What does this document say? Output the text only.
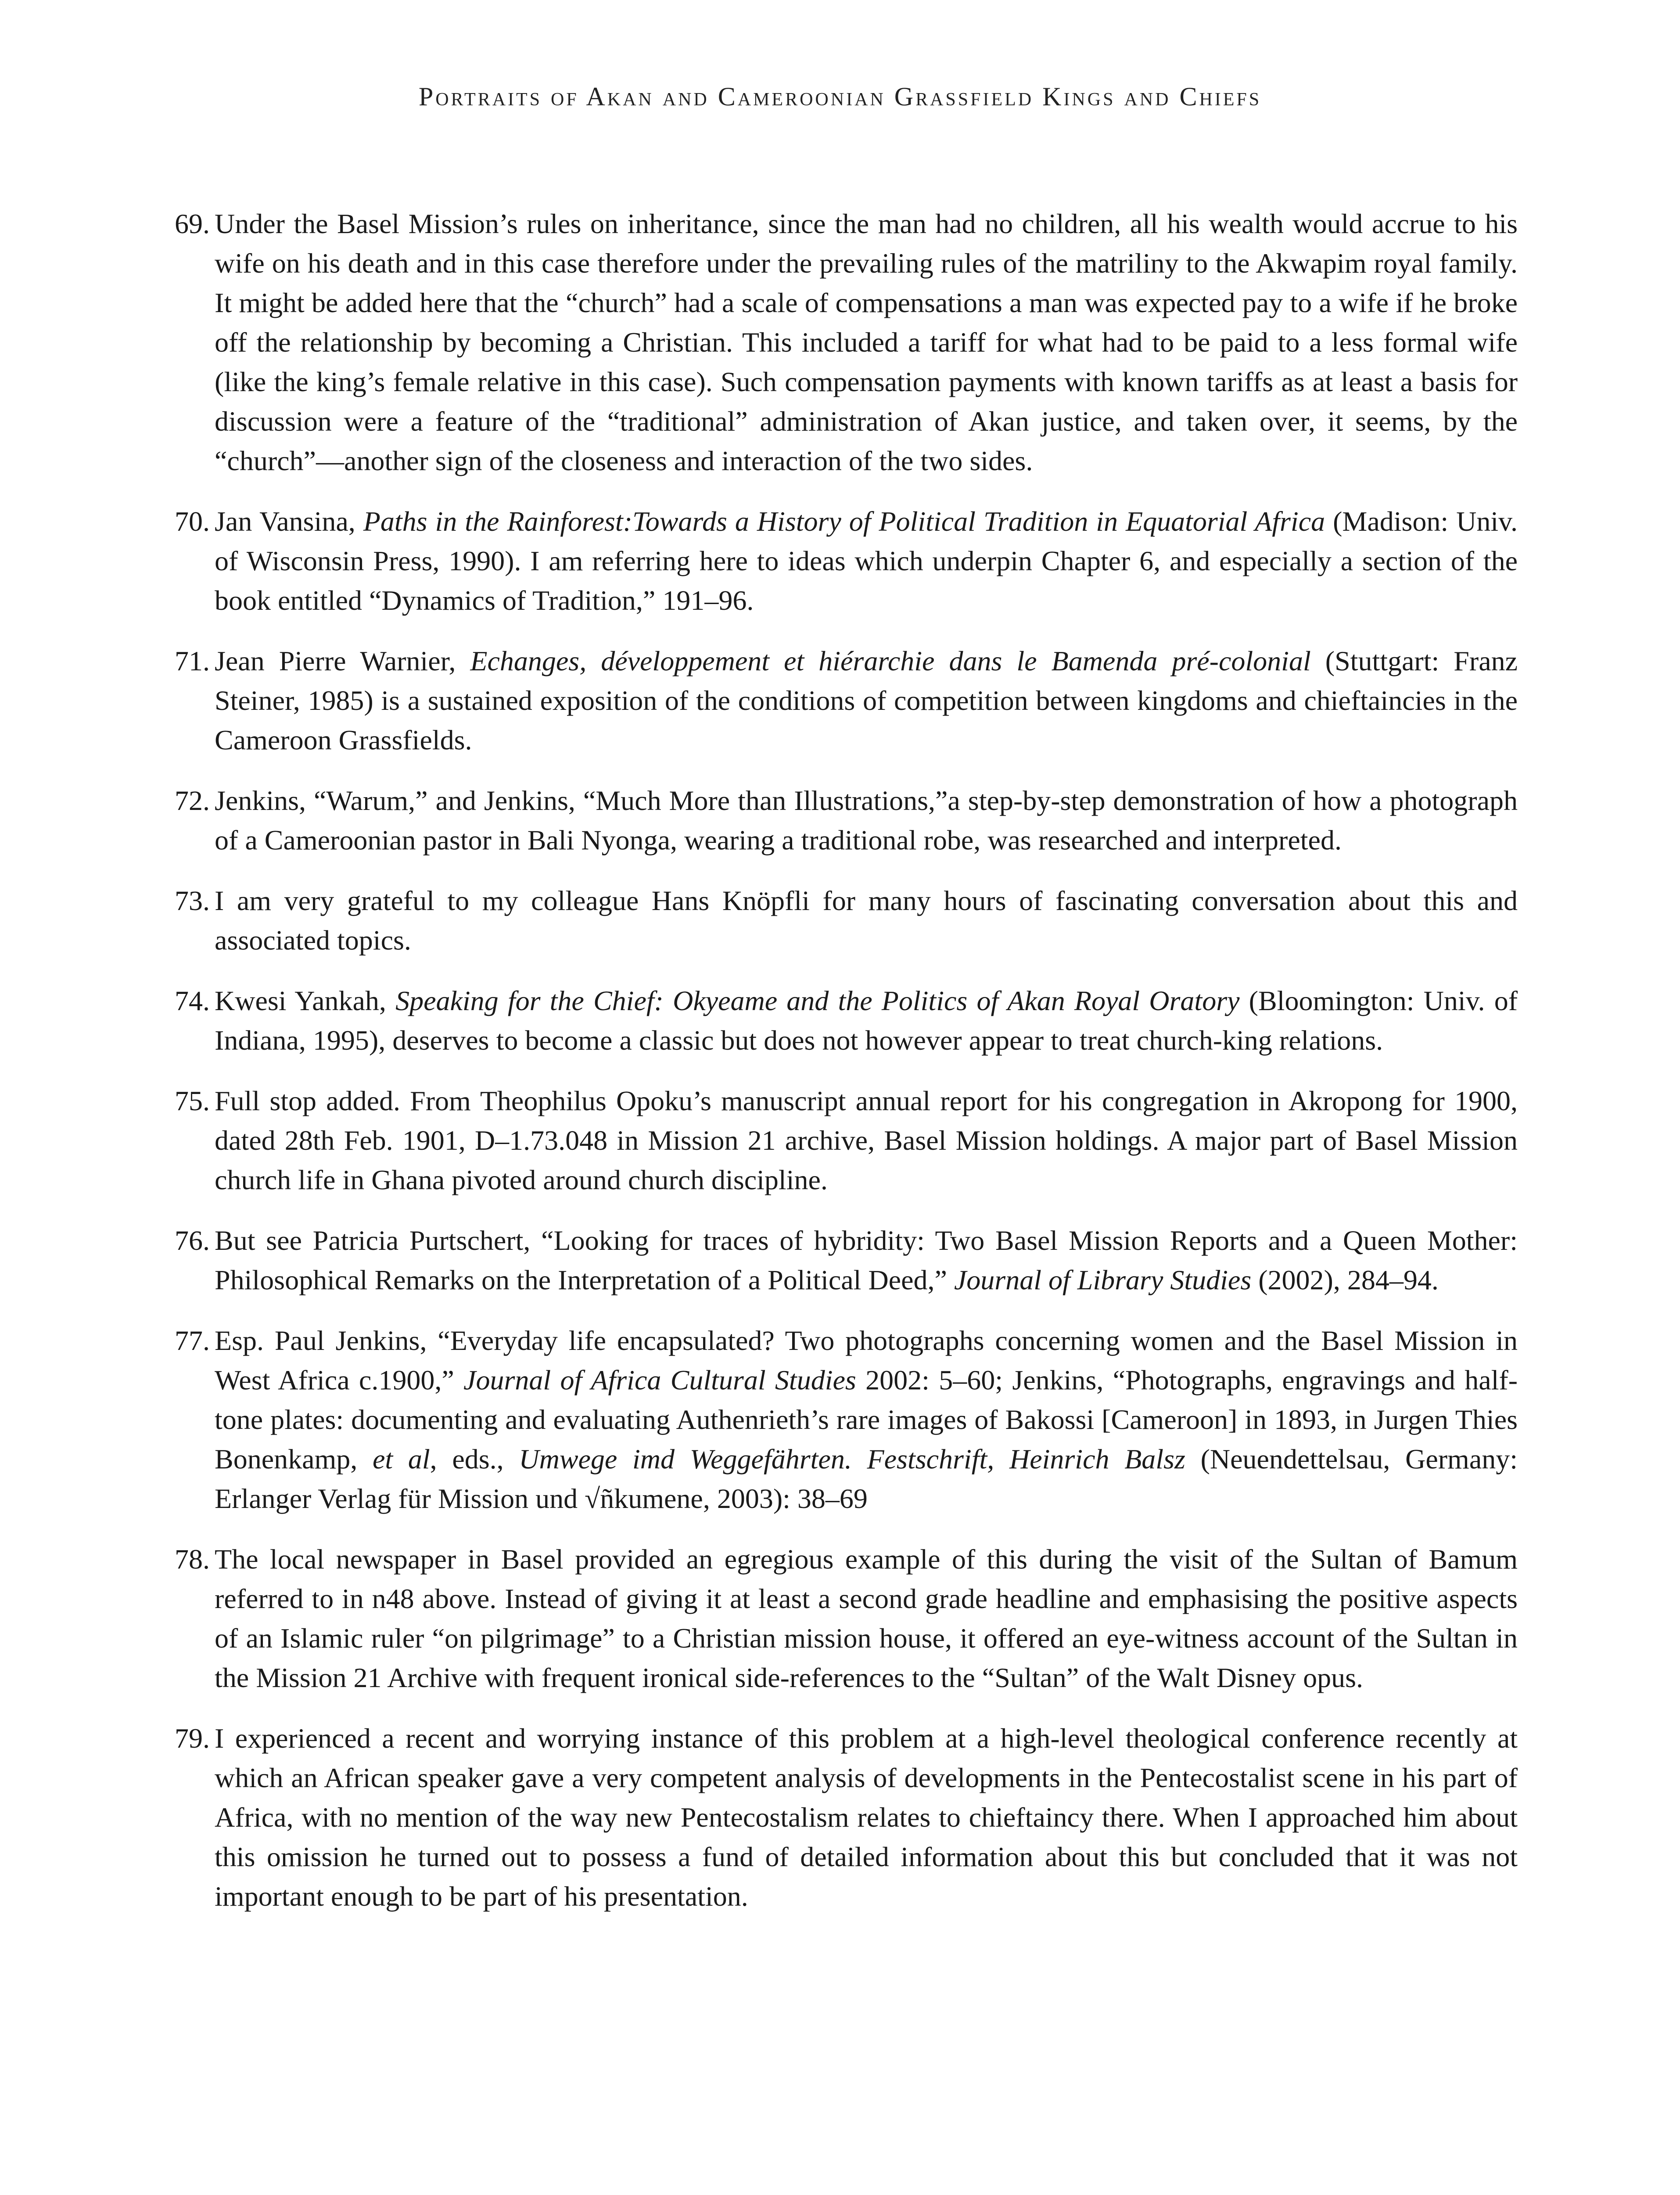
Portraits of Akan and Cameroonian Grassfield Kings and Chiefs
69. Under the Basel Mission’s rules on inheritance, since the man had no children, all his wealth would accrue to his wife on his death and in this case therefore under the prevailing rules of the matriliny to the Akwapim royal family. It might be added here that the “church” had a scale of compensations a man was expected pay to a wife if he broke off the relationship by becoming a Christian. This included a tariff for what had to be paid to a less formal wife (like the king’s female relative in this case). Such compensation payments with known tariffs as at least a basis for discussion were a feature of the “traditional” administration of Akan justice, and taken over, it seems, by the “church”—another sign of the closeness and interaction of the two sides.
70. Jan Vansina, Paths in the Rainforest:Towards a History of Political Tradition in Equatorial Africa (Madison: Univ. of Wisconsin Press, 1990). I am referring here to ideas which underpin Chapter 6, and especially a section of the book entitled “Dynamics of Tradition,” 191–96.
71. Jean Pierre Warnier, Echanges, développement et hiérarchie dans le Bamenda pré-colonial (Stuttgart: Franz Steiner, 1985) is a sustained exposition of the conditions of competition between kingdoms and chieftaincies in the Cameroon Grassfields.
72. Jenkins, “Warum,” and Jenkins, “Much More than Illustrations,”a step-by-step demonstration of how a photograph of a Cameroonian pastor in Bali Nyonga, wearing a traditional robe, was researched and interpreted.
73. I am very grateful to my colleague Hans Knöpfli for many hours of fascinating conversation about this and associated topics.
74. Kwesi Yankah, Speaking for the Chief: Okyeame and the Politics of Akan Royal Oratory (Bloomington: Univ. of Indiana, 1995), deserves to become a classic but does not however appear to treat church-king relations.
75. Full stop added. From Theophilus Opoku’s manuscript annual report for his congregation in Akropong for 1900, dated 28th Feb. 1901, D–1.73.048 in Mission 21 archive, Basel Mission holdings. A major part of Basel Mission church life in Ghana pivoted around church discipline.
76. But see Patricia Purtschert, “Looking for traces of hybridity: Two Basel Mission Reports and a Queen Mother: Philosophical Remarks on the Interpretation of a Political Deed,” Journal of Library Studies (2002), 284–94.
77. Esp. Paul Jenkins, “Everyday life encapsulated? Two photographs concerning women and the Basel Mission in West Africa c.1900,” Journal of Africa Cultural Studies 2002: 5–60; Jenkins, “Photographs, engravings and half-tone plates: documenting and evaluating Authenrieth’s rare images of Bakossi [Cameroon] in 1893, in Jurgen Thies Bonenkamp, et al, eds., Umwege imd Weggefährten. Festschrift, Heinrich Balsz (Neuendettelsau, Germany: Erlanger Verlag für Mission und √ñkumene, 2003): 38–69
78. The local newspaper in Basel provided an egregious example of this during the visit of the Sultan of Bamum referred to in n48 above. Instead of giving it at least a second grade headline and emphasising the positive aspects of an Islamic ruler “on pilgrimage” to a Christian mission house, it offered an eye-witness account of the Sultan in the Mission 21 Archive with frequent ironical side-references to the “Sultan” of the Walt Disney opus.
79. I experienced a recent and worrying instance of this problem at a high-level theological conference recently at which an African speaker gave a very competent analysis of developments in the Pentecostalist scene in his part of Africa, with no mention of the way new Pentecostalism relates to chieftaincy there. When I approached him about this omission he turned out to possess a fund of detailed information about this but concluded that it was not important enough to be part of his presentation.
